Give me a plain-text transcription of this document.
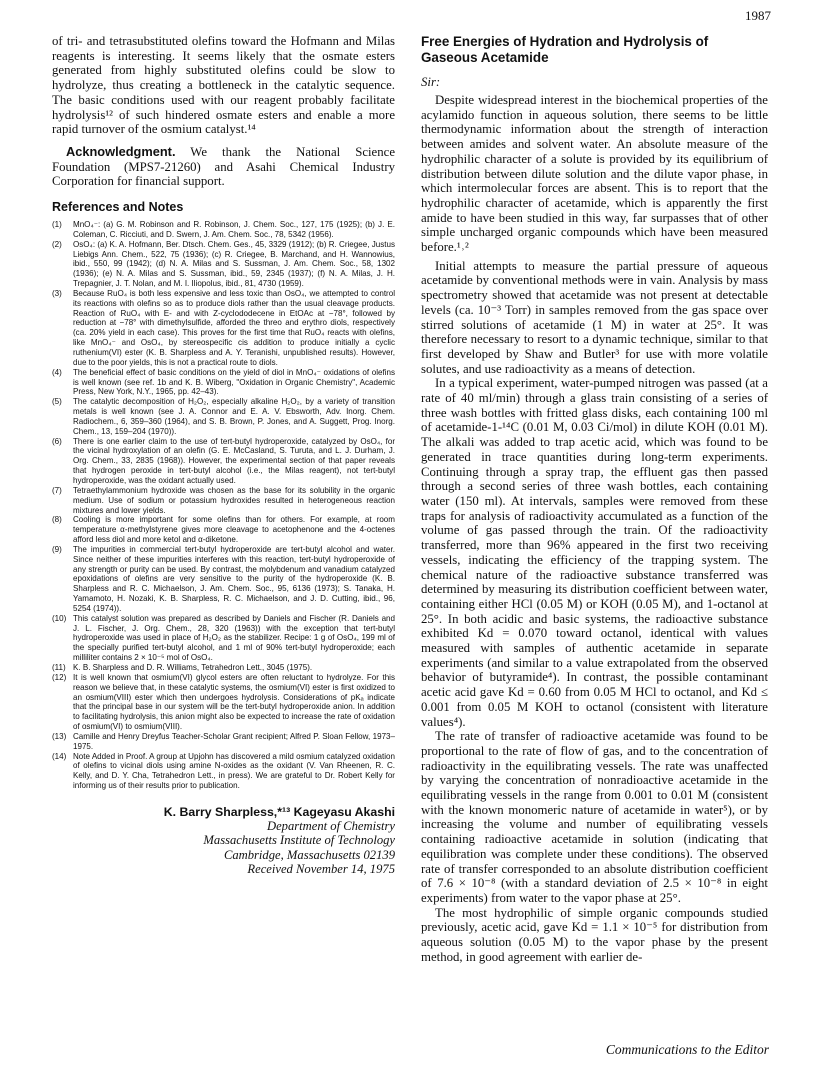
1987

of tri- and tetrasubstituted olefins toward the Hofmann and Milas reagents is interesting. It seems likely that the osmate esters generated from highly substituted olefins could be slow to hydrolyze, thus creating a bottleneck in the catalytic sequence. The basic conditions used with our reagent probably facilitate hydrolysis¹² of such hindered osmate esters and enable a more rapid turnover of the osmium catalyst.¹⁴

Acknowledgment. We thank the National Science Foundation (MPS7-21260) and Asahi Chemical Industry Corporation for financial support.

References and Notes
(1) MnO₄⁻: (a) G. M. Robinson and R. Robinson, J. Chem. Soc., 127, 175 (1925); (b) J. E. Coleman, C. Ricciuti, and D. Swern, J. Am. Chem. Soc., 78, 5342 (1956).
(2) OsO₄: (a) K. A. Hofmann, Ber. Dtsch. Chem. Ges., 45, 3329 (1912); (b) R. Criegee, Justus Liebigs Ann. Chem., 522, 75 (1936); (c) R. Criegee, B. Marchand, and H. Wannowius, ibid., 550, 99 (1942); (d) N. A. Milas and S. Sussman, J. Am. Chem. Soc., 58, 1302 (1936); (e) N. A. Milas and S. Sussman, ibid., 59, 2345 (1937); (f) N. A. Milas, J. H. Trepagnier, J. T. Nolan, and M. I. Iliopolus, ibid., 81, 4730 (1959).
(3) Because RuO₄ is both less expensive and less toxic than OsO₄, we attempted to control its reactions with olefins so as to produce diols rather than the usual cleavage products. Reaction of RuO₄ with E- and with Z-cyclododecene in EtOAc at −78°, followed by reduction at −78° with dimethylsulfide, afforded the threo and erythro diols, respectively (ca. 20% yield in each case). This proves for the first time that RuO₄ reacts with olefins, like MnO₄⁻ and OsO₄, by stereospecific cis addition to produce initially a cyclic ruthenium(VI) ester (K. B. Sharpless and A. Y. Teranishi, unpublished results). However, due to the poor yields, this is not a practical route to diols.
(4) The beneficial effect of basic conditions on the yield of diol in MnO₄⁻ oxidations of olefins is well known (see ref. 1b and K. B. Wiberg, "Oxidation in Organic Chemistry", Academic Press, New York, N.Y., 1965, pp. 42–43).
(5) The catalytic decomposition of H₂O₂, especially alkaline H₂O₂, by a variety of transition metals is well known (see J. A. Connor and E. A. V. Ebsworth, Adv. Inorg. Chem. Radiochem., 6, 359–360 (1964), and S. B. Brown, P. Jones, and A. Suggett, Prog. Inorg. Chem., 13, 159–204 (1970)).
(6) There is one earlier claim to the use of tert-butyl hydroperoxide, catalyzed by OsO₄, for the vicinal hydroxylation of an olefin (G. E. McCasland, S. Turuta, and L. J. Durham, J. Org. Chem., 33, 2835 (1968)). However, the experimental section of that paper reveals that hydrogen peroxide in tert-butyl alcohol (i.e., the Milas reagent), not tert-butyl hydroperoxide, was the oxidant actually used.
(7) Tetraethylammonium hydroxide was chosen as the base for its solubility in the organic medium. Use of sodium or potassium hydroxides resulted in heterogeneous reaction mixtures and lower yields.
(8) Cooling is more important for some olefins than for others. For example, at room temperature α-methylstyrene gives more cleavage to acetophenone and the 4-octenes afford less diol and more ketol and α-diketone.
(9) The impurities in commercial tert-butyl hydroperoxide are tert-butyl alcohol and water. Since neither of these impurities interferes with this reaction, tert-butyl hydroperoxide of any strength or purity can be used. By contrast, the molybdenum and vanadium catalyzed epoxidations of olefins are very sensitive to the purity of the hydroperoxide (K. B. Sharpless and R. C. Michaelson, J. Am. Chem. Soc., 95, 6136 (1973); S. Tanaka, H. Yamamoto, H. Nozaki, K. B. Sharpless, R. C. Michaelson, and J. D. Cutting, ibid., 96, 5254 (1974)).
(10) This catalyst solution was prepared as described by Daniels and Fischer (R. Daniels and J. L. Fischer, J. Org. Chem., 28, 320 (1963)) with the exception that tert-butyl hydroperoxide was used in place of H₂O₂ as the stabilizer. Recipe: 1 g of OsO₄, 199 ml of the specially purified tert-butyl alcohol, and 1 ml of 90% tert-butyl hydroperoxide; each milliliter contains 2 × 10⁻⁵ mol of OsO₄.
(11) K. B. Sharpless and D. R. Williams, Tetrahedron Lett., 3045 (1975).
(12) It is well known that osmium(VI) glycol esters are often reluctant to hydrolyze. For this reason we believe that, in these catalytic systems, the osmium(VI) ester is first oxidized to an osmium(VIII) ester which then undergoes hydrolysis. Considerations of pKₐ indicate that the principal base in our system will be the tert-butyl hydroperoxide anion. In addition to facilitating hydrolysis, this anion might also be expected to increase the rate of oxidation of osmium(VI) to osmium(VIII).
(13) Camille and Henry Dreyfus Teacher-Scholar Grant recipient; Alfred P. Sloan Fellow, 1973–1975.
(14) Note Added in Proof. A group at Upjohn has discovered a mild osmium catalyzed oxidation of olefins to vicinal diols using amine N-oxides as the oxidant (V. Van Rheenen, R. C. Kelly, and D. Y. Cha, Tetrahedron Lett., in press). We are grateful to Dr. Robert Kelly for informing us of their results prior to publication.
K. Barry Sharpless,*¹³ Kageyasu Akashi
Department of Chemistry
Massachusetts Institute of Technology
Cambridge, Massachusetts 02139
Received November 14, 1975
Free Energies of Hydration and Hydrolysis of Gaseous Acetamide

Sir:

Despite widespread interest in the biochemical properties of the acylamido function in aqueous solution, there seems to be little thermodynamic information about the strength of interaction between amides and solvent water. An absolute measure of the hydrophilic character of a solute is provided by its equilibrium of distribution between dilute solution and the dilute vapor phase, in which intermolecular forces are absent. This is to report that the hydrophilic character of acetamide, which is apparently the first amide to have been studied in this way, far surpasses that of other simple uncharged organic compounds which have been measured before.¹˒²

Initial attempts to measure the partial pressure of aqueous acetamide by conventional methods were in vain. Analysis by mass spectrometry showed that acetamide was not present at detectable levels (ca. 10⁻³ Torr) in samples removed from the gas space over stirred solutions of acetamide (1 M) in water at 25°. It was therefore necessary to resort to a dynamic technique, similar to that first developed by Shaw and Butler³ for use with more volatile solutes, and use radioactivity as a means of detection.

In a typical experiment, water-pumped nitrogen was passed (at a rate of 40 ml/min) through a glass train consisting of a series of three wash bottles with fritted glass disks, each containing 100 ml of acetamide-1-¹⁴C (0.01 M, 0.03 Ci/mol) in dilute KOH (0.01 M). The alkali was added to trap acetic acid, which was found to be generated in trace quantities during long-term experiments. Continuing through a spray trap, the effluent gas then passed through a second series of three wash bottles, each containing water (150 ml). At intervals, samples were removed from these traps for analysis of radioactivity accumulated as a function of the volume of gas passed through the train. Of the radioactivity transferred, more than 96% appeared in the first two receiving vessels, indicating the efficiency of the trapping system. The chemical nature of the radioactive substance transferred was determined by measuring its distribution coefficient between water, containing either HCl (0.05 M) or KOH (0.05 M), and 1-octanol at 25°. In both acidic and basic systems, the radioactive substance exhibited Kd = 0.070 toward octanol, identical with values measured with samples of authentic acetamide in separate experiments (and similar to a value extrapolated from the observed behavior of butyramide⁴). In contrast, the possible contaminant acetic acid gave Kd = 0.60 from 0.05 M HCl to octanol, and Kd ≤ 0.001 from 0.05 M KOH to octanol (consistent with literature values⁴).

The rate of transfer of radioactive acetamide was found to be proportional to the rate of flow of gas, and to the concentration of radioactivity in the equilibrating vessels. The rate was unaffected by varying the concentration of nonradioactive acetamide in the equilibrating vessels in the range from 0.001 to 0.01 M (consistent with the known monomeric nature of acetamide in water⁵), or by increasing the volume and number of equilibrating vessels containing radioactive acetamide in solution (indicating that equilibration was complete under these conditions). The observed rate of transfer corresponded to an absolute distribution coefficient of 7.6 × 10⁻⁸ (with a standard deviation of 2.5 × 10⁻⁸ in eight experiments) from water to the vapor phase at 25°.

The most hydrophilic of simple organic compounds studied previously, acetic acid, gave Kd = 1.1 × 10⁻⁵ for distribution from aqueous solution (0.05 M) to the vapor phase by the present method, in good agreement with earlier de-

Communications to the Editor
